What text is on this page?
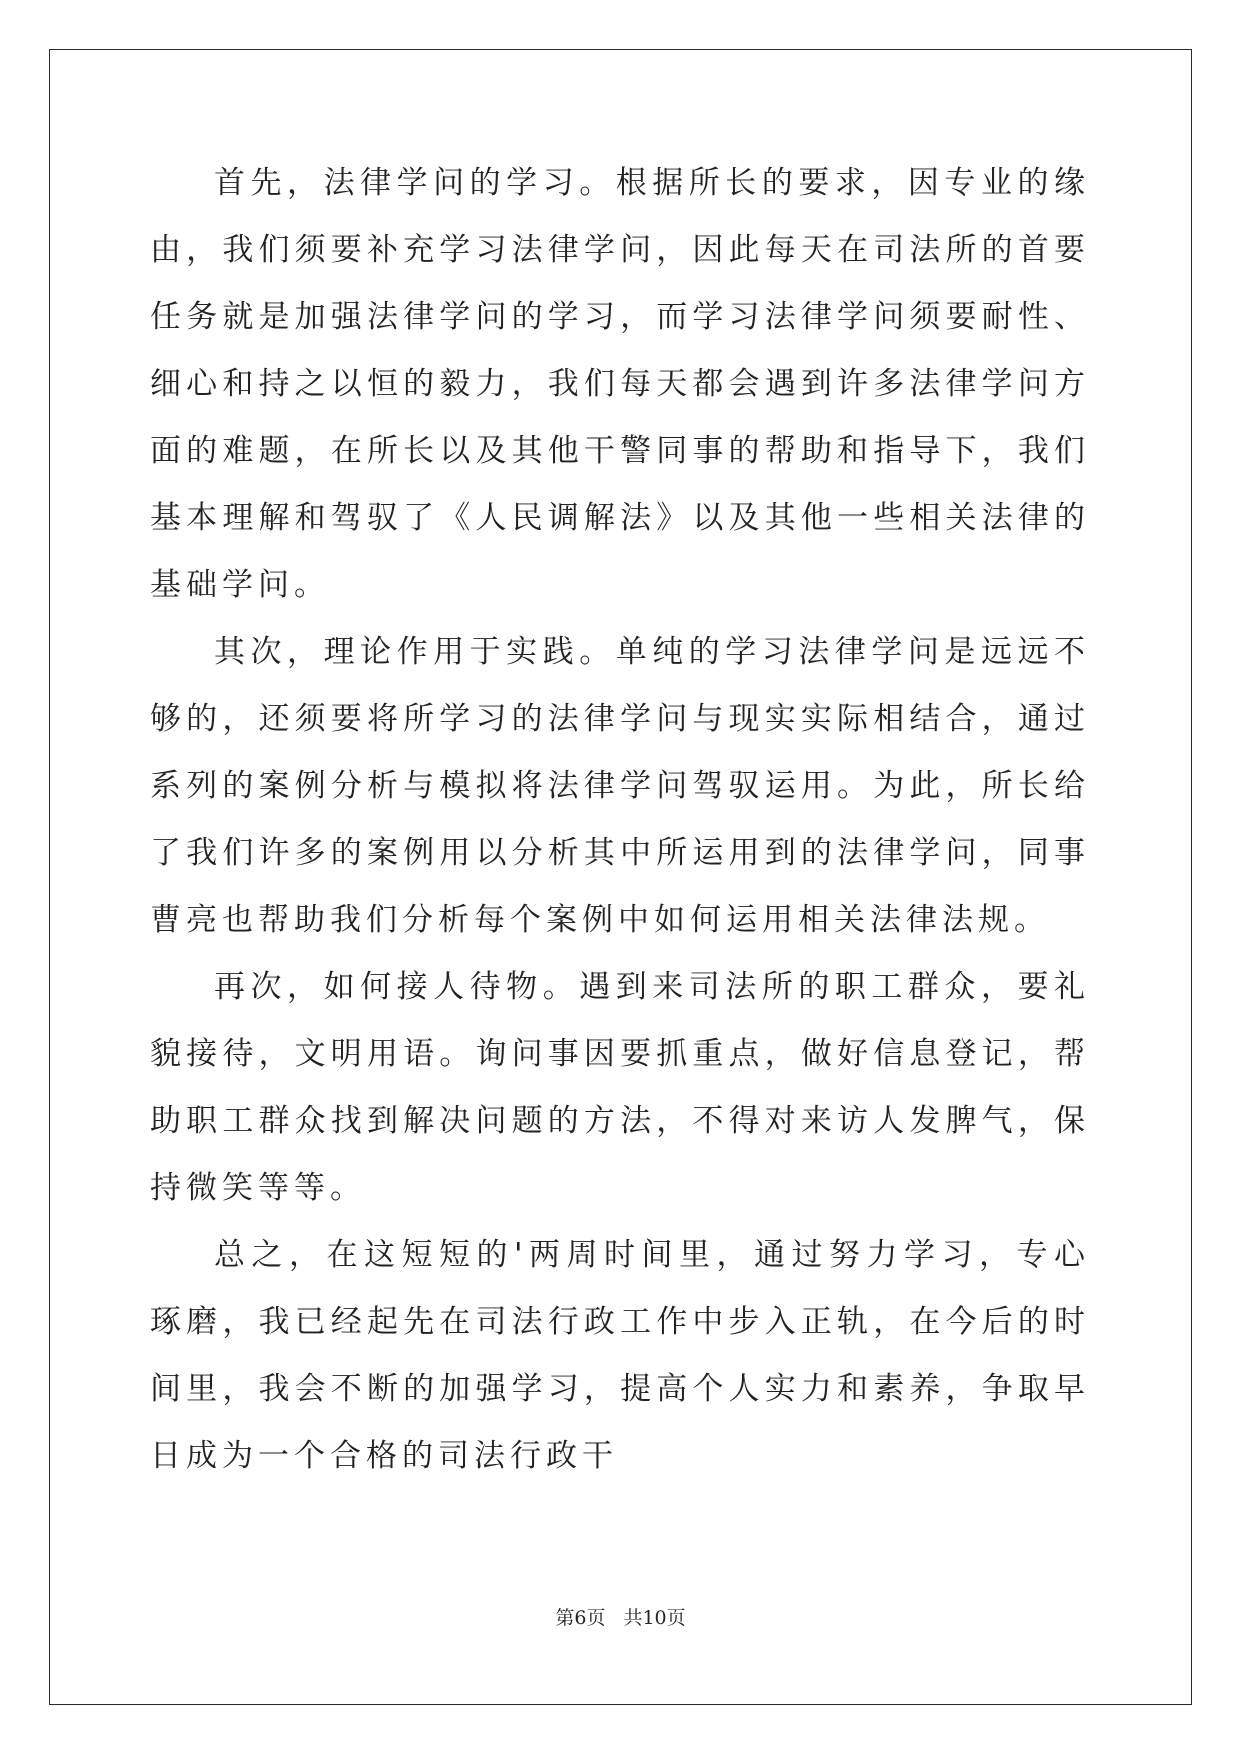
首先，法律学问的学习。根据所长的要求，因专业的缘由，我们须要补充学习法律学问，因此每天在司法所的首要任务就是加强法律学问的学习，而学习法律学问须要耐性、细心和持之以恒的毅力，我们每天都会遇到许多法律学问方面的难题，在所长以及其他干警同事的帮助和指导下，我们基本理解和驾驭了《人民调解法》以及其他一些相关法律的基础学问。

其次，理论作用于实践。单纯的学习法律学问是远远不够的，还须要将所学习的法律学问与现实实际相结合，通过系列的案例分析与模拟将法律学问驾驭运用。为此，所长给了我们许多的案例用以分析其中所运用到的法律学问，同事曹亮也帮助我们分析每个案例中如何运用相关法律法规。

再次，如何接人待物。遇到来司法所的职工群众，要礼貌接待，文明用语。询问事因要抓重点，做好信息登记，帮助职工群众找到解决问题的方法，不得对来访人发脾气，保持微笑等等。

总之，在这短短的'两周时间里，通过努力学习，专心琢磨，我已经起先在司法行政工作中步入正轨，在今后的时间里，我会不断的加强学习，提高个人实力和素养，争取早日成为一个合格的司法行政干

第6页 共10页
